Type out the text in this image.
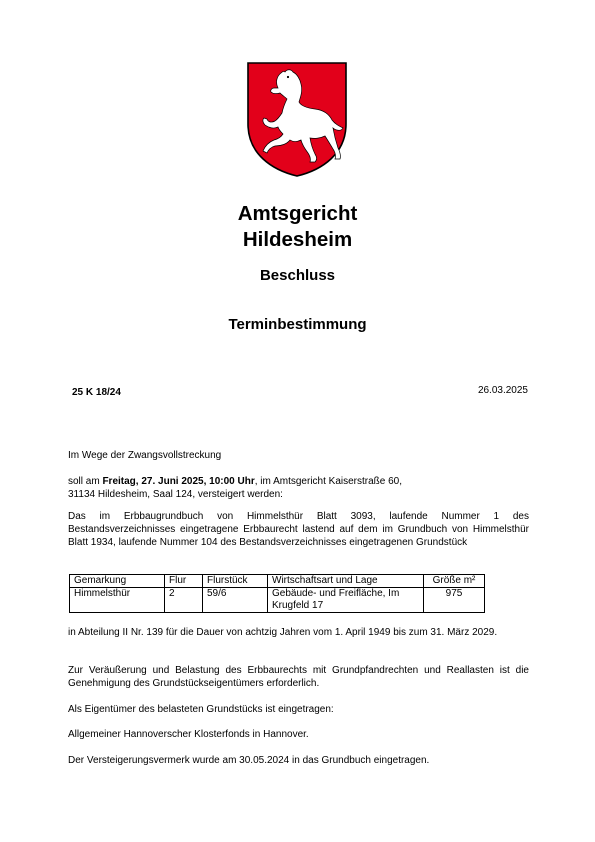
Amtsgericht
Hildesheim
Beschluss
Terminbestimmung
25 K 18/24	26.03.2025
Im Wege der Zwangsvollstreckung
soll am Freitag, 27. Juni 2025, 10:00 Uhr, im Amtsgericht Kaiserstraße 60,
31134 Hildesheim, Saal 124, versteigert werden:
Das im Erbbaugrundbuch von Himmelsthür Blatt 3093, laufende Nummer 1 des Bestandsverzeichnisses eingetragene Erbbaurecht lastend auf dem im Grundbuch von Himmelsthür Blatt 1934, laufende Nummer 104 des Bestandsverzeichnisses eingetragenen Grundstück
Gemarkung	Flur	Flurstück	Wirtschaftsart und Lage	Größe m²
Himmelsthür	2	59/6	Gebäude- und Freifläche, Im Krugfeld 17	975
in Abteilung II Nr. 139 für die Dauer von achtzig Jahren vom 1. April 1949 bis zum 31. März 2029.
Zur Veräußerung und Belastung des Erbbaurechts mit Grundpfandrechten und Reallasten ist die Genehmigung des Grundstückseigentümers erforderlich.
Als Eigentümer des belasteten Grundstücks ist eingetragen:
Allgemeiner Hannoverscher Klosterfonds in Hannover.
Der Versteigerungsvermerk wurde am 30.05.2024 in das Grundbuch eingetragen.
